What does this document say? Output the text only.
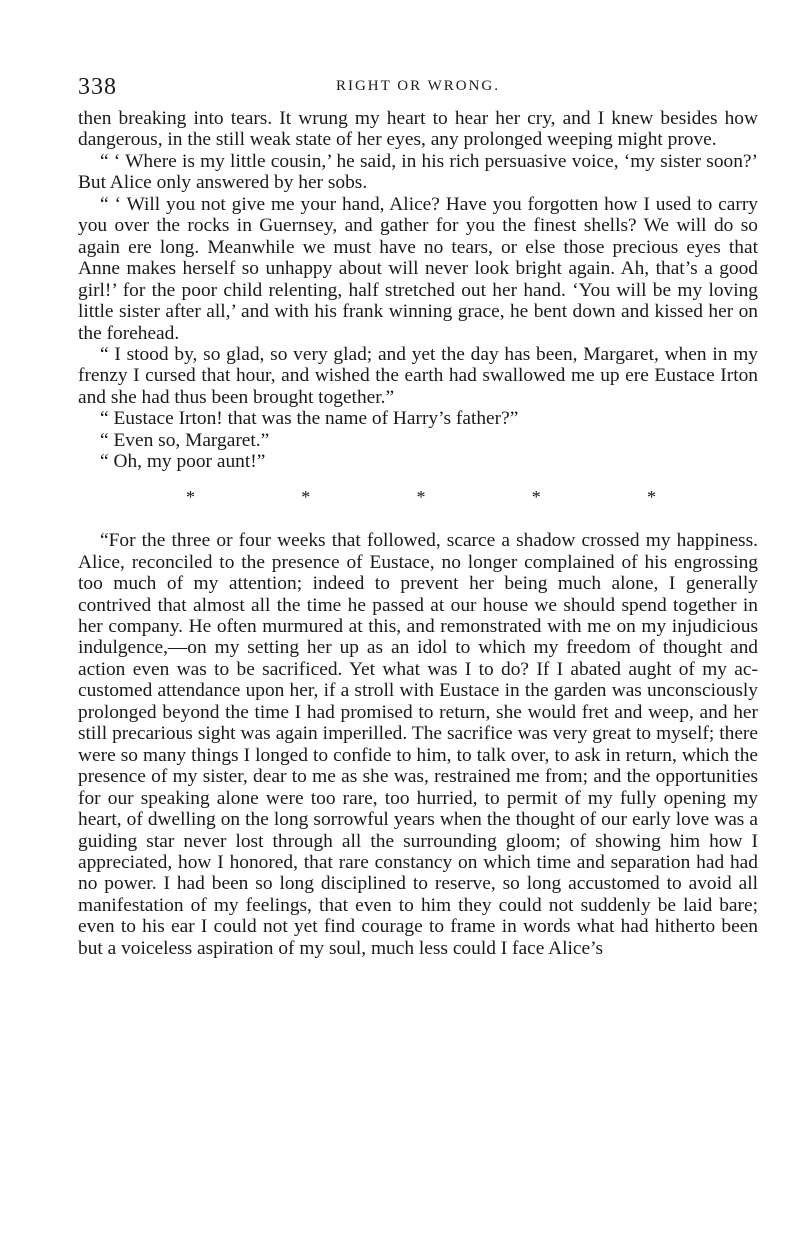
338	RIGHT OR WRONG.

then breaking into tears. It wrung my heart to hear her cry, and I knew besides how dangerous, in the still weak state of her eyes, any prolonged weeping might prove.

“ ‘ Where is my little cousin,’ he said, in his rich persuasive voice, ‘my sister soon?’ But Alice only answered by her sobs.

“ ‘ Will you not give me your hand, Alice? Have you forgotten how I used to carry you over the rocks in Guernsey, and gather for you the finest shells? We will do so again ere long. Meanwhile we must have no tears, or else those precious eyes that Anne makes herself so unhappy about will never look bright again. Ah, that’s a good girl!’ for the poor child relenting, half stretched out her hand. ‘You will be my loving little sister after all,’ and with his frank winning grace, he bent down and kissed her on the forehead.

“ I stood by, so glad, so very glad; and yet the day has been, Margaret, when in my frenzy I cursed that hour, and wished the earth had swallowed me up ere Eustace Irton and she had thus been brought together.”

“ Eustace Irton! that was the name of Harry’s father?”

“ Even so, Margaret.”

“ Oh, my poor aunt!”

*	*	*	*	*

“For the three or four weeks that followed, scarce a shadow crossed my happiness. Alice, reconciled to the presence of Eustace, no longer complained of his engrossing too much of my attention; indeed to prevent her being much alone, I generally contrived that almost all the time he passed at our house we should spend together in her company. He often murmured at this, and remonstrated with me on my injudicious indulgence,—on my setting her up as an idol to which my freedom of thought and action even was to be sacrificed. Yet what was I to do? If I abated aught of my accustomed attendance upon her, if a stroll with Eustace in the garden was unconsciously prolonged beyond the time I had promised to return, she would fret and weep, and her still precarious sight was again imperilled. The sacrifice was very great to myself; there were so many things I longed to confide to him, to talk over, to ask in return, which the presence of my sister, dear to me as she was, restrained me from; and the opportunities for our speaking alone were too rare, too hurried, to permit of my fully opening my heart, of dwelling on the long sorrowful years when the thought of our early love was a guiding star never lost through all the surrounding gloom; of showing him how I appreciated, how I honored, that rare constancy on which time and separation had had no power. I had been so long disciplined to reserve, so long accustomed to avoid all manifestation of my feelings, that even to him they could not suddenly be laid bare; even to his ear I could not yet find courage to frame in words what had hitherto been but a voiceless aspiration of my soul, much less could I face Alice’s
